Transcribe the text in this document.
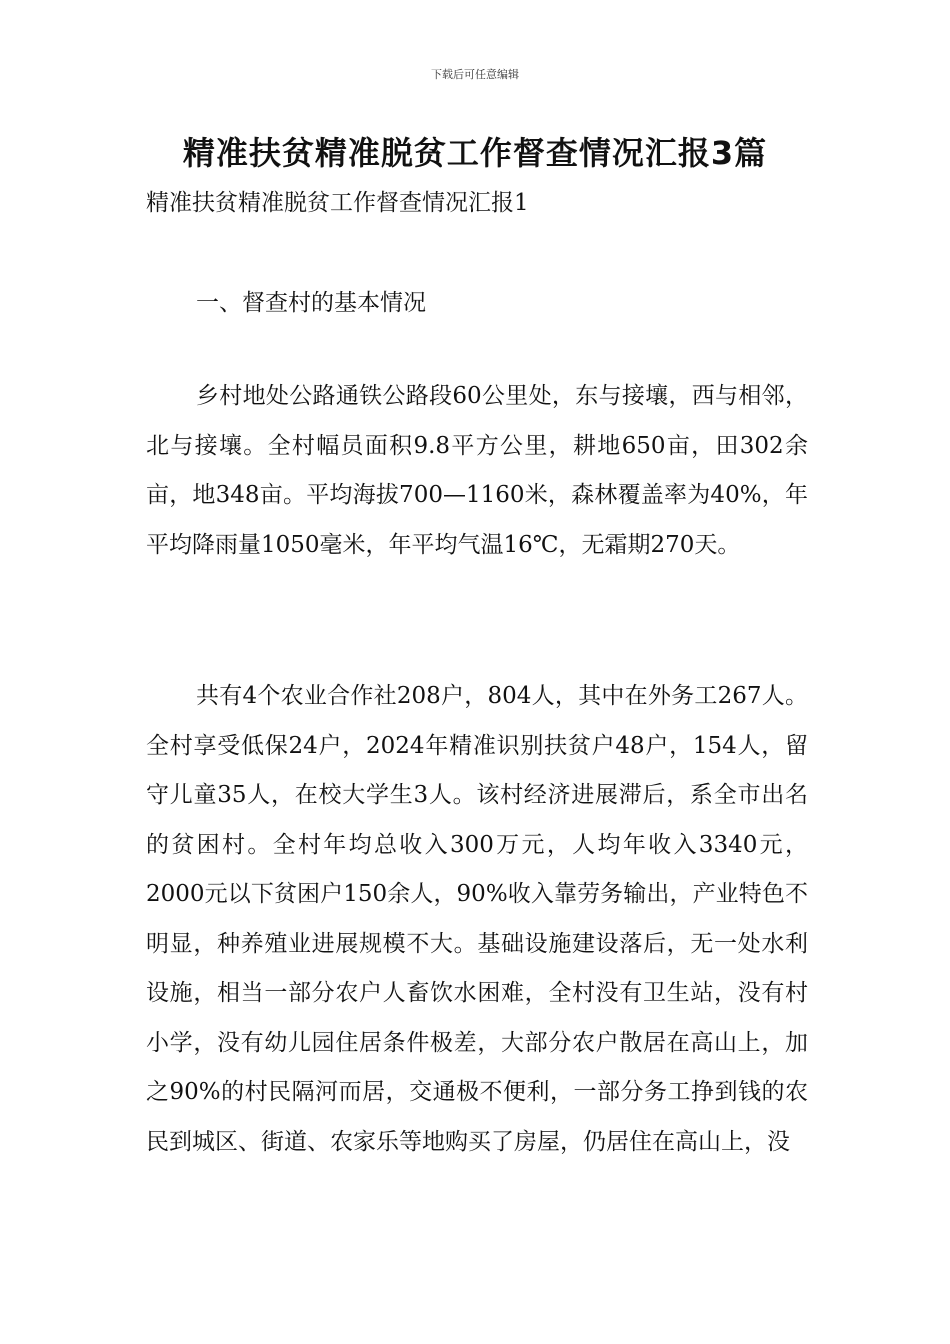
下载后可任意编辑
精准扶贫精准脱贫工作督查情况汇报3篇
精准扶贫精准脱贫工作督查情况汇报1
一、督查村的基本情况

乡村地处公路通铁公路段60公里处，东与接壤，西与相邻，北与接壤。全村幅员面积9.8平方公里，耕地650亩，田302余亩，地348亩。平均海拔700—1160米，森林覆盖率为40%，年平均降雨量1050毫米，年平均气温16℃，无霜期270天。

共有4个农业合作社208户，804人，其中在外务工267人。全村享受低保24户，2024年精准识别扶贫户48户，154人，留守儿童35人，在校大学生3人。该村经济进展滞后，系全市出名的贫困村。全村年均总收入300万元，人均年收入3340元，2000元以下贫困户150余人，90%收入靠劳务输出，产业特色不明显，种养殖业进展规模不大。基础设施建设落后，无一处水利设施，相当一部分农户人畜饮水困难，全村没有卫生站，没有村小学，没有幼儿园住居条件极差，大部分农户散居在高山上，加之90%的村民隔河而居，交通极不便利，一部分务工挣到钱的农民到城区、街道、农家乐等地购买了房屋，仍居住在高山上，没
